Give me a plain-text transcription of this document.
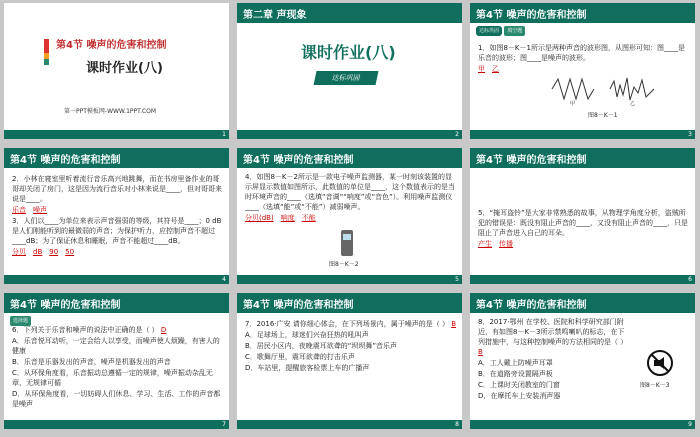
第4节 噪声的危害和控制
课时作业(八)
第一PPT模板网-WWW.1PPT.COM
1
第二章 声现象
课时作业(八)
达标巩固
2
第4节 噪声的危害和控制
达标巩固 填空题

1．如图8－K－1所示是两种声音的波形图，从图形可知：图____是乐音的波形；图____是噪声的波形。

甲　 乙
甲	乙
图8－K－1
3
第4节 噪声的危害和控制

2．小林在寝室里听着流行音乐高兴地跳舞，而在书房里备作业的哥哥却关闭了房门，这是因为流行音乐对小林来说是____，但对哥哥来说是____。

乐音　 噪声

3．人们以____为单位来表示声音强弱的等级，其符号是____；0 dB是人们刚能听到的最微弱的声音；为保护听力，应控制声音不超过____dB；为了保证休息和睡眠，声音不能超过____dB。

分贝　 dB　 90　 50

4
第4节 噪声的危害和控制

4．如图8－K－2所示是一款电子噪声监测器，某一时刻该装置的显示屏显示数值如图所示，此数值的单位是____，这个数值表示的是当时环境声音的____（选填“音调”“响度”或“音色”）。利用噪声监测仪____（选填“能”或“不能”）减弱噪声。

分贝(dB)　 响度　 不能
图8－K－2
5
第4节 噪声的危害和控制

5．“掩耳盗铃”是大家非常熟悉的故事，从物理学角度分析，盗贼所犯的错误是：既没有阻止声音的____，又没有阻止声音的____，只是阻止了声音进入自己的耳朵。

产生　 传播
6
第4节 噪声的危害和控制
选择题

6．下列关于乐音和噪声的说法中正确的是（ ） D

A．乐音悦耳动听，一定会给人以享受，而噪声使人烦躁，有害人的健康

B．乐音是乐器发出的声音，噪声是机器发出的声音

C．从环保角度看，乐音振动总遵循一定的规律，噪声振动杂乱无章，无规律可循

D．从环保角度看，一切妨碍人们休息、学习、生活、工作的声音都是噪声

7
第4节 噪声的危害和控制

7．2016·广安 请你细心体会，在下列场景内，属于噪声的是（ ） B

A．足球场上，球迷们兴奋狂热的吼叫声

B．居民小区内，夜晚震耳欲聋的“坝坝舞”音乐声

C．歌舞厅里，震耳欲聋的打击乐声

D．车站里，提醒旅客检票上车的广播声

8
第4节 噪声的危害和控制

8．2017·鄂州 在学校、医院和科学研究部门附近，有如图8－K－3所示禁鸣喇叭的标志，在下列措施中，与这种控制噪声的方法相同的是（ ） B

A．工人戴上防噪声耳罩

B．在道路旁设置隔声板

C．上课时关闭教室的门窗

D．在摩托车上安装消声器

图8－K－3
9
